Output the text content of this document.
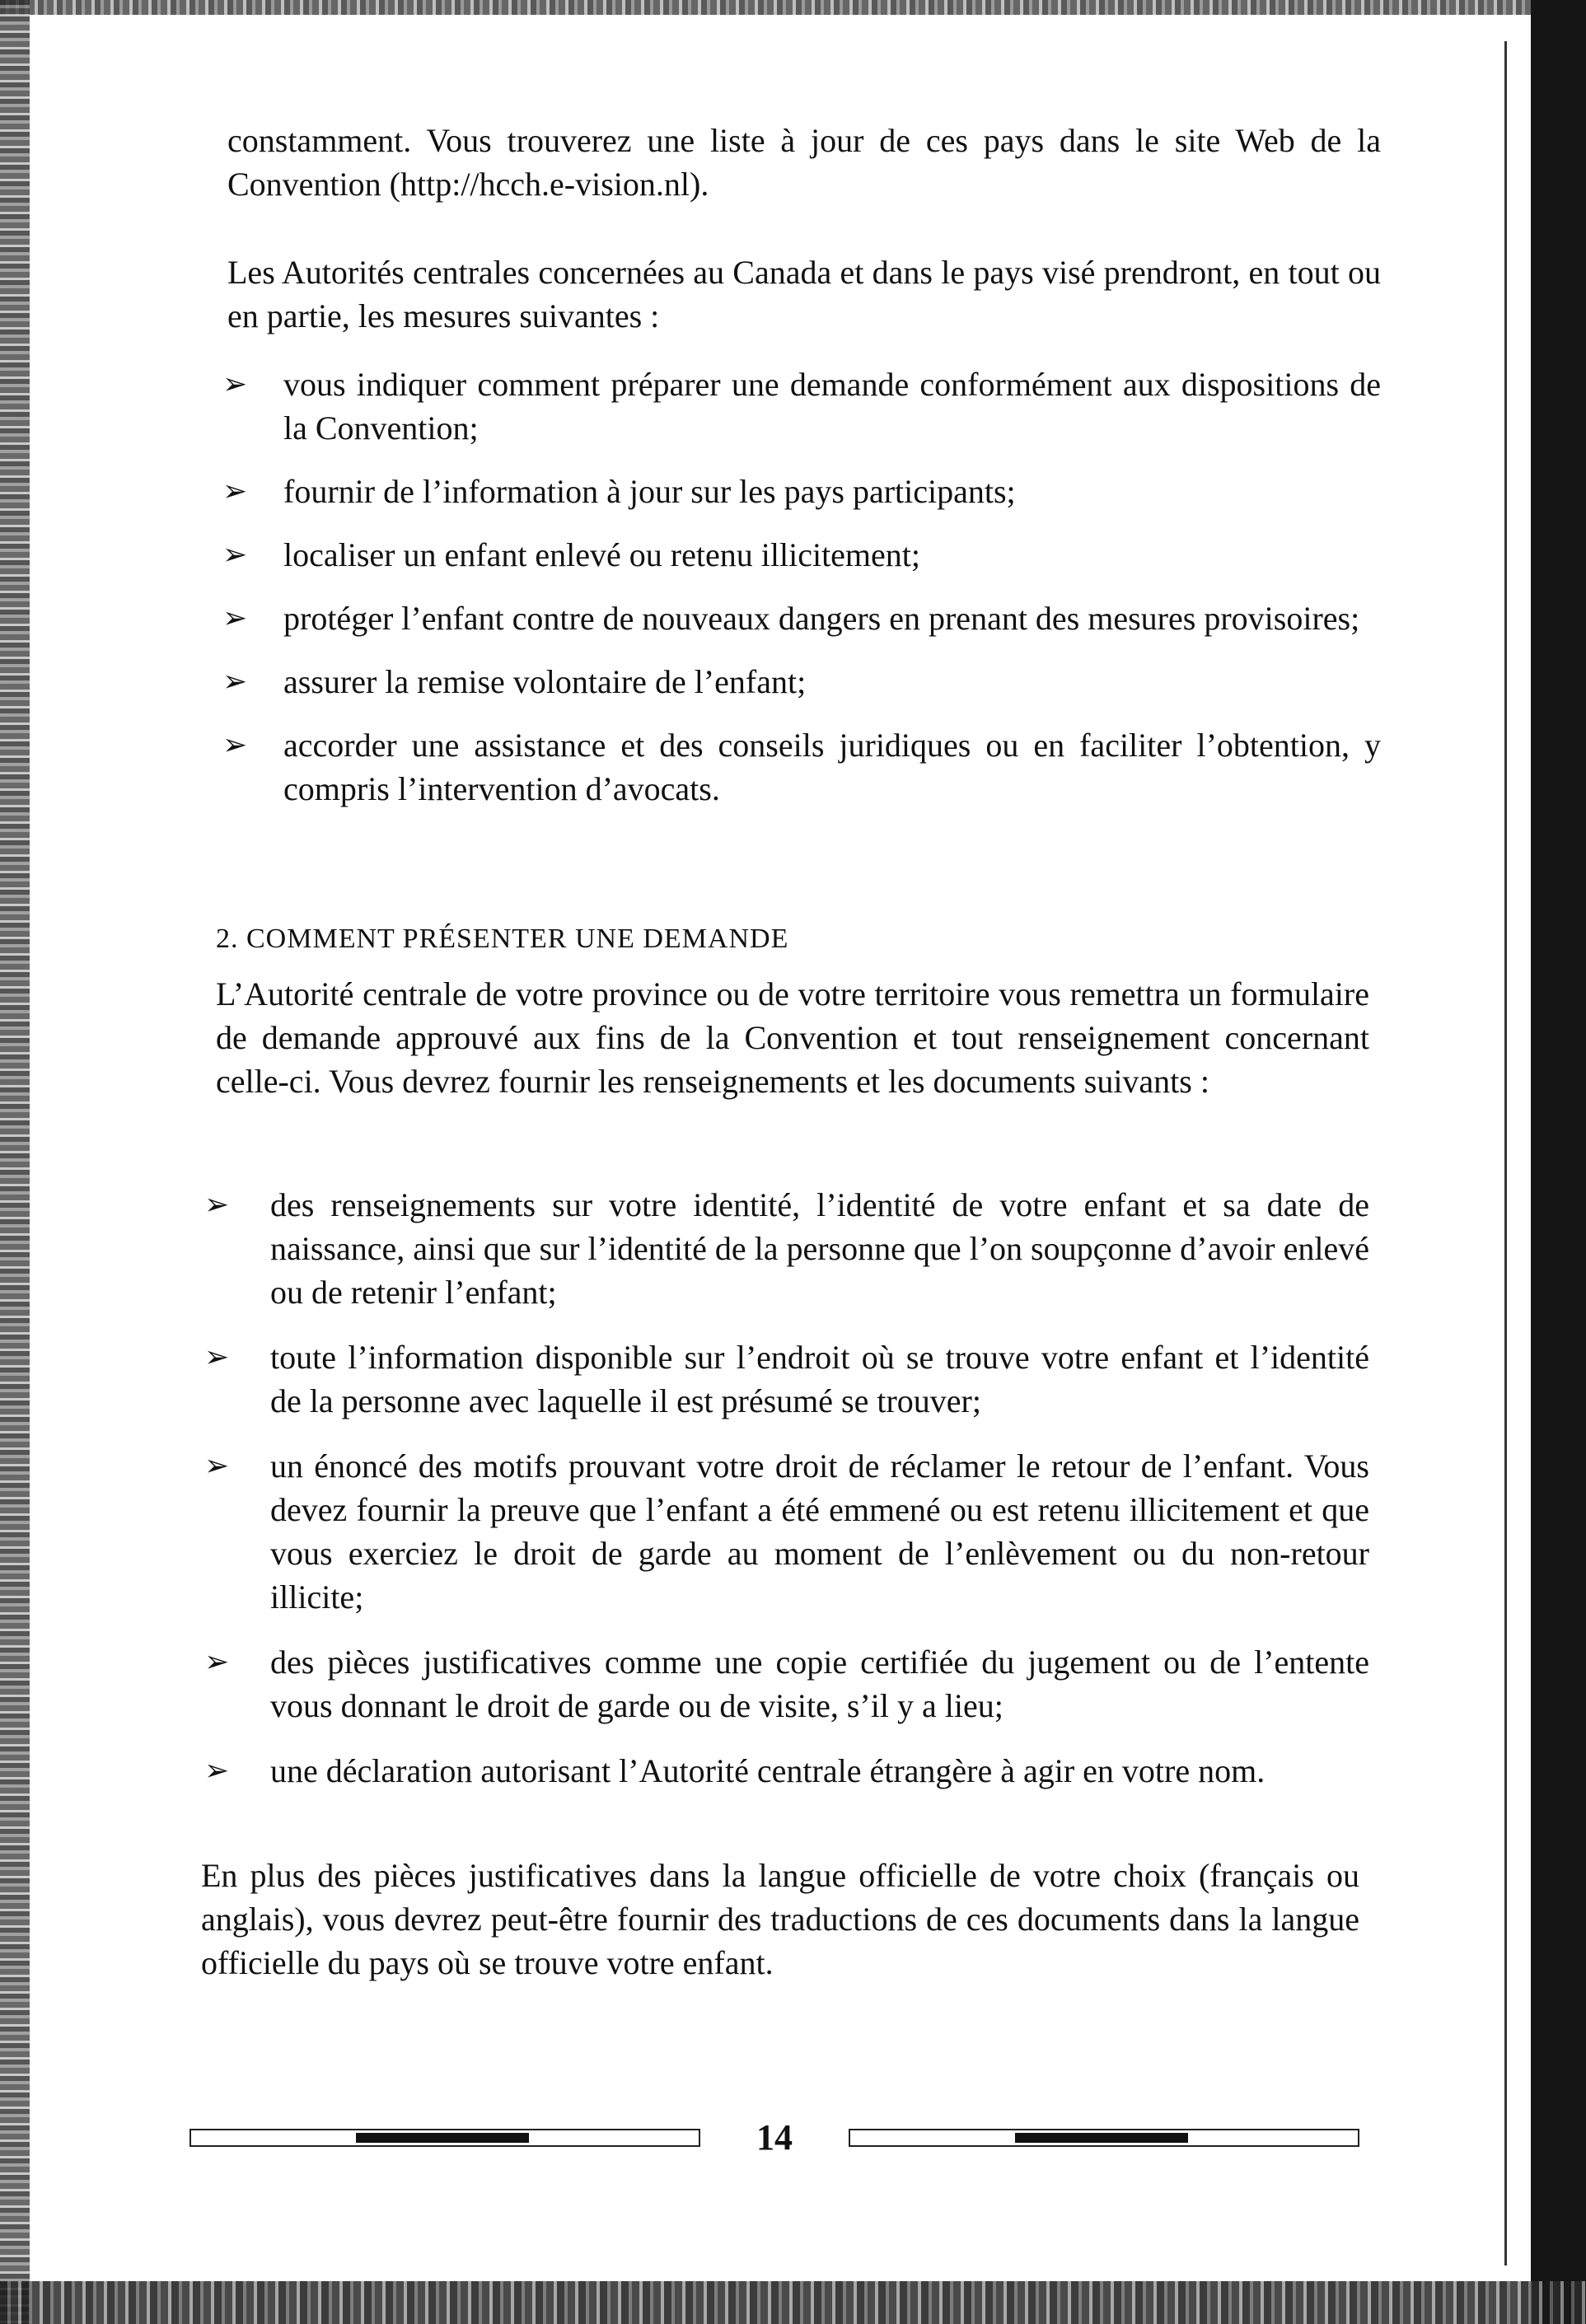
constamment. Vous trouverez une liste à jour de ces pays dans le site Web de la Convention (http://hcch.e-vision.nl).

Les Autorités centrales concernées au Canada et dans le pays visé prendront, en tout ou en partie, les mesures suivantes :

➢ vous indiquer comment préparer une demande conformément aux dispositions de la Convention;
➢ fournir de l’information à jour sur les pays participants;
➢ localiser un enfant enlevé ou retenu illicitement;
➢ protéger l’enfant contre de nouveaux dangers en prenant des mesures provisoires;
➢ assurer la remise volontaire de l’enfant;
➢ accorder une assistance et des conseils juridiques ou en faciliter l’obtention, y compris l’intervention d’avocats.
2. COMMENT PRÉSENTER UNE DEMANDE

L’Autorité centrale de votre province ou de votre territoire vous remettra un formulaire de demande approuvé aux fins de la Convention et tout renseignement concernant celle-ci. Vous devrez fournir les renseignements et les documents suivants :

➢ des renseignements sur votre identité, l’identité de votre enfant et sa date de naissance, ainsi que sur l’identité de la personne que l’on soupçonne d’avoir enlevé ou de retenir l’enfant;
➢ toute l’information disponible sur l’endroit où se trouve votre enfant et l’identité de la personne avec laquelle il est présumé se trouver;
➢ un énoncé des motifs prouvant votre droit de réclamer le retour de l’enfant. Vous devez fournir la preuve que l’enfant a été emmené ou est retenu illicitement et que vous exerciez le droit de garde au moment de l’enlèvement ou du non-retour illicite;
➢ des pièces justificatives comme une copie certifiée du jugement ou de l’entente vous donnant le droit de garde ou de visite, s’il y a lieu;
➢ une déclaration autorisant l’Autorité centrale étrangère à agir en votre nom.

En plus des pièces justificatives dans la langue officielle de votre choix (français ou anglais), vous devrez peut-être fournir des traductions de ces documents dans la langue officielle du pays où se trouve votre enfant.

14
